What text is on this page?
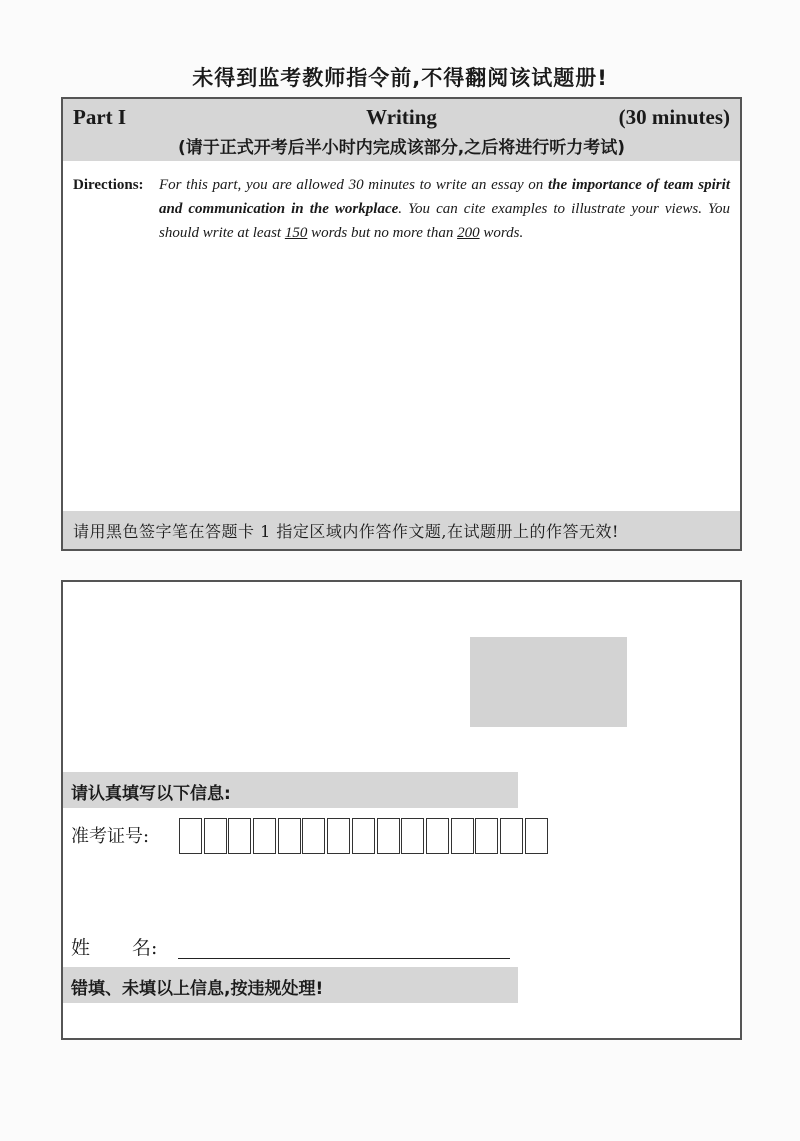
未得到监考教师指令前,不得翻阅该试题册!
Writing
Part I	(30 minutes)
(请于正式开考后半小时内完成该部分,之后将进行听力考试)
Directions: For this part, you are allowed 30 minutes to write an essay on the importance of team spirit and communication in the workplace. You can cite examples to illustrate your views. You should write at least 150 words but no more than 200 words.
请用黑色签字笔在答题卡 1 指定区域内作答作文题,在试题册上的作答无效!
请认真填写以下信息:
准考证号:
姓 名:
错填、未填以上信息,按违规处理!
